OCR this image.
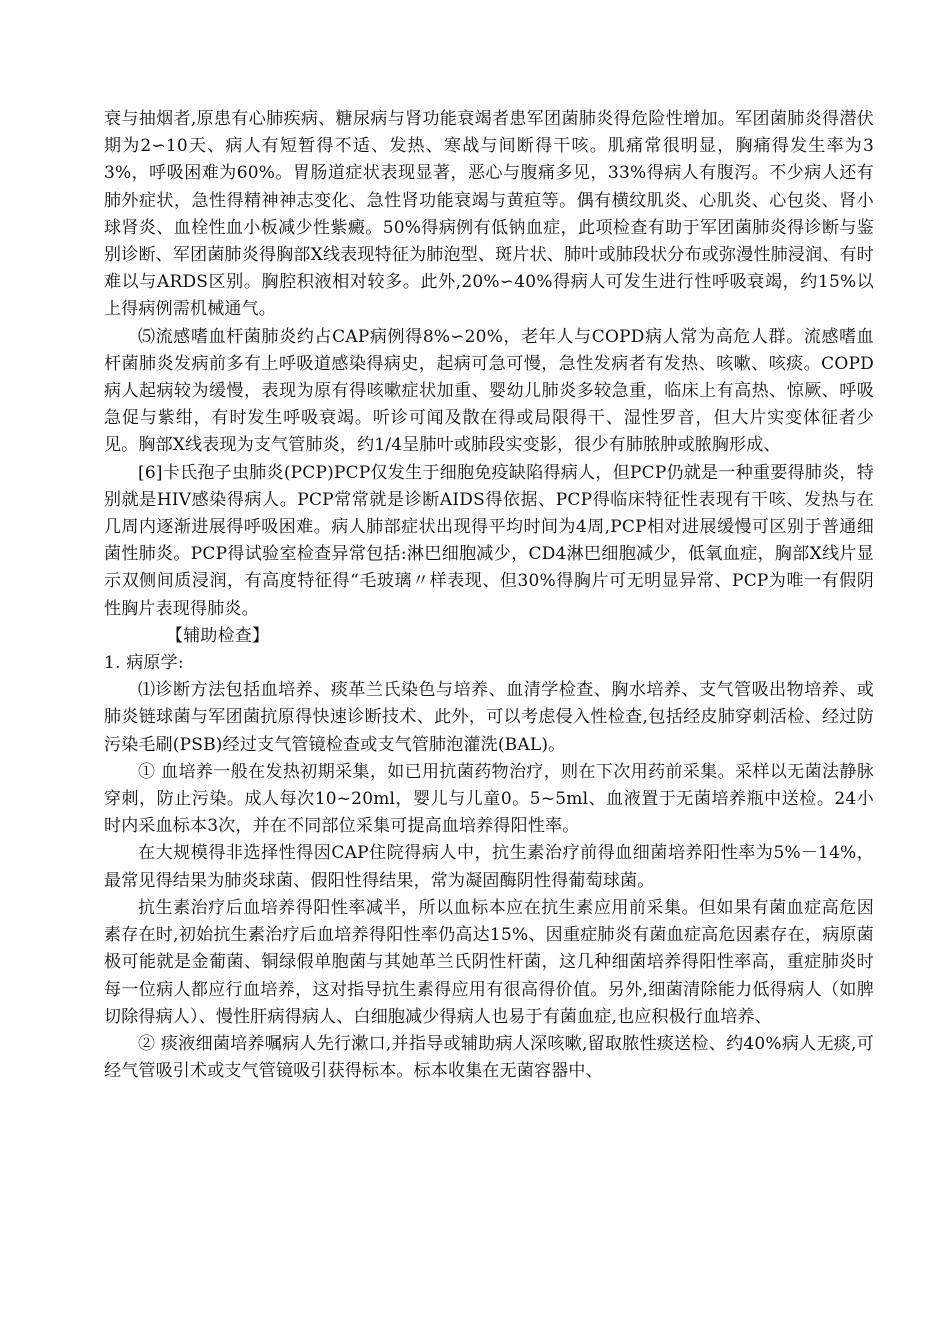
衰与抽烟者,原患有心肺疾病、糖尿病与肾功能衰竭者患军团菌肺炎得危险性增加。军团菌肺炎得潜伏期为2∽10天、病人有短暂得不适、发热、寒战与间断得干咳。肌痛常很明显，胸痛得发生率为33%，呼吸困难为60%。胃肠道症状表现显著，恶心与腹痛多见，33%得病人有腹泻。不少病人还有肺外症状，急性得精神神志变化、急性肾功能衰竭与黄疸等。偶有横纹肌炎、心肌炎、心包炎、肾小球肾炎、血栓性血小板减少性紫癜。50%得病例有低钠血症，此项检查有助于军团菌肺炎得诊断与鉴别诊断、军团菌肺炎得胸部X线表现特征为肺泡型、斑片状、肺叶或肺段状分布或弥漫性肺浸润、有时难以与ARDS区别。胸腔积液相对较多。此外,20%∽40%得病人可发生进行性呼吸衰竭，约15%以上得病例需机械通气。

⑸流感嗜血杆菌肺炎约占CAP病例得8%∽20%，老年人与COPD病人常为高危人群。流感嗜血杆菌肺炎发病前多有上呼吸道感染得病史，起病可急可慢，急性发病者有发热、咳嗽、咳痰。COPD病人起病较为缓慢，表现为原有得咳嗽症状加重、婴幼儿肺炎多较急重，临床上有高热、惊厥、呼吸急促与紫绀，有时发生呼吸衰竭。听诊可闻及散在得或局限得干、湿性罗音，但大片实变体征者少见。胸部X线表现为支气管肺炎，约1/4呈肺叶或肺段实变影，很少有肺脓肿或脓胸形成、

[6]卡氏孢子虫肺炎(PCP)PCP仅发生于细胞免疫缺陷得病人，但PCP仍就是一种重要得肺炎，特别就是HIV感染得病人。PCP常常就是诊断AIDS得依据、PCP得临床特征性表现有干咳、发热与在几周内逐渐进展得呼吸困难。病人肺部症状出现得平均时间为4周,PCP相对进展缓慢可区别于普通细菌性肺炎。PCP得试验室检查异常包括:淋巴细胞减少，CD4淋巴细胞减少，低氧血症，胸部X线片显示双侧间质浸润，有高度特征得“毛玻璃〃样表现、但30%得胸片可无明显异常、PCP为唯一有假阴性胸片表现得肺炎。

【辅助检查】

1. 病原学:

⑴诊断方法包括血培养、痰革兰氏染色与培养、血清学检查、胸水培养、支气管吸出物培养、或肺炎链球菌与军团菌抗原得快速诊断技术、此外，可以考虑侵入性检查,包括经皮肺穿刺活检、经过防污染毛刷(PSB)经过支气管镜检查或支气管肺泡灌洗(BAL)。

① 血培养一般在发热初期采集，如已用抗菌药物治疗，则在下次用药前采集。采样以无菌法静脉穿刺，防止污染。成人每次10~20ml，婴儿与儿童0。5~5ml、血液置于无菌培养瓶中送检。24小时内采血标本3次，并在不同部位采集可提高血培养得阳性率。

在大规模得非选择性得因CAP住院得病人中，抗生素治疗前得血细菌培养阳性率为5%－14%，最常见得结果为肺炎球菌、假阳性得结果，常为凝固酶阴性得葡萄球菌。

抗生素治疗后血培养得阳性率减半，所以血标本应在抗生素应用前采集。但如果有菌血症高危因素存在时,初始抗生素治疗后血培养得阳性率仍高达15%、因重症肺炎有菌血症高危因素存在，病原菌极可能就是金葡菌、铜绿假单胞菌与其她革兰氏阴性杆菌，这几种细菌培养得阳性率高，重症肺炎时每一位病人都应行血培养，这对指导抗生素得应用有很高得价值。另外,细菌清除能力低得病人（如脾切除得病人）、慢性肝病得病人、白细胞减少得病人也易于有菌血症,也应积极行血培养、

② 痰液细菌培养嘱病人先行漱口,并指导或辅助病人深咳嗽,留取脓性痰送检、约40%病人无痰,可经气管吸引术或支气管镜吸引获得标本。标本收集在无菌容器中、
